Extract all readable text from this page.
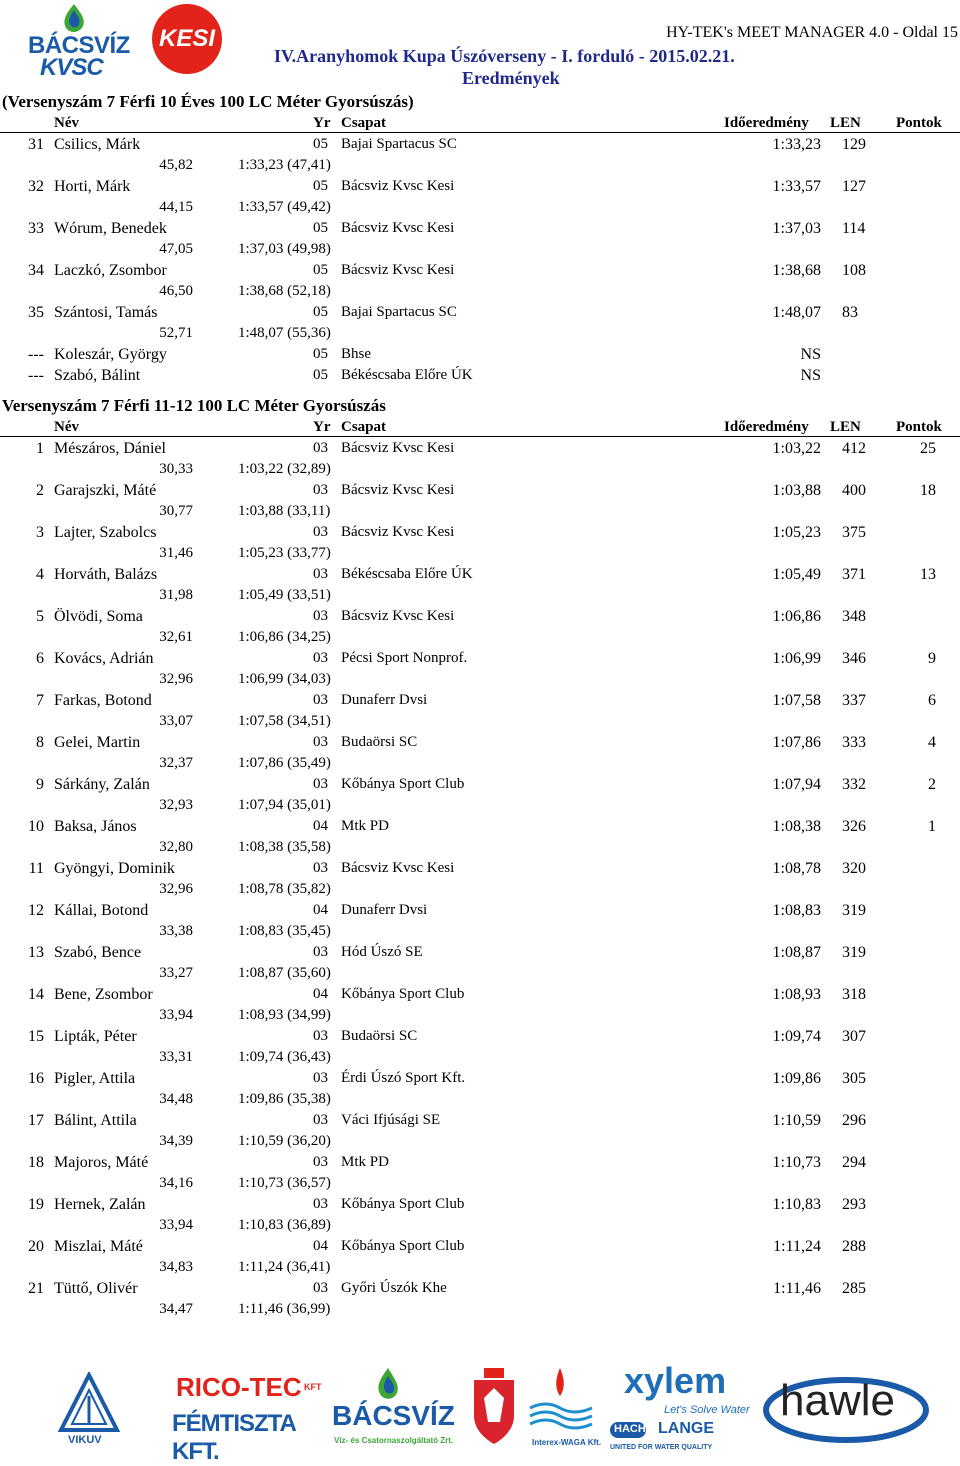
BÁCSVÍZ
KVSC
KESI	HY-TEK's MEET MANAGER 4.0 - Oldal 15
IV.Aranyhomok Kupa Úszóverseny - I. forduló - 2015.02.21.
Eredmények
(Versenyszám 7 Férfi 10 Éves 100 LC Méter Gyorsúszás)
Név	Yr Csapat	Időeredmény LEN Pontok
31 Csilics, Márk	05 Bajai Spartacus SC	1:33,23 129
45,82	1:33,23 (47,41)
32 Horti, Márk	05 Bácsviz Kvsc Kesi	1:33,57 127
44,15	1:33,57 (49,42)
33 Wórum, Benedek	05 Bácsviz Kvsc Kesi	1:37,03 114
47,05	1:37,03 (49,98)
34 Laczkó, Zsombor	05 Bácsviz Kvsc Kesi	1:38,68 108
46,50	1:38,68 (52,18)
35 Szántosi, Tamás	05 Bajai Spartacus SC	1:48,07 83
52,71	1:48,07 (55,36)
--- Koleszár, György	05 Bhse	NS
--- Szabó, Bálint	05 Békéscsaba Előre ÚK	NS
Versenyszám 7 Férfi 11-12 100 LC Méter Gyorsúszás
Név	Yr Csapat	Időeredmény LEN Pontok
1 Mészáros, Dániel	03 Bácsviz Kvsc Kesi	1:03,22 412	25
30,33	1:03,22 (32,89)
2 Garajszki, Máté	03 Bácsviz Kvsc Kesi	1:03,88 400	18
30,77	1:03,88 (33,11)
3 Lajter, Szabolcs	03 Bácsviz Kvsc Kesi	1:05,23 375
31,46	1:05,23 (33,77)
4 Horváth, Balázs	03 Békéscsaba Előre ÚK	1:05,49 371	13
31,98	1:05,49 (33,51)
5 Ölvödi, Soma	03 Bácsviz Kvsc Kesi	1:06,86 348
32,61	1:06,86 (34,25)
6 Kovács, Adrián	03 Pécsi Sport Nonprof.	1:06,99 346	9
32,96	1:06,99 (34,03)
7 Farkas, Botond	03 Dunaferr Dvsi	1:07,58 337	6
33,07	1:07,58 (34,51)
8 Gelei, Martin	03 Budaörsi SC	1:07,86 333	4
32,37	1:07,86 (35,49)
9 Sárkány, Zalán	03 Kőbánya Sport Club	1:07,94 332	2
32,93	1:07,94 (35,01)
10 Baksa, János	04 Mtk PD	1:08,38 326	1
32,80	1:08,38 (35,58)
11 Gyöngyi, Dominik	03 Bácsviz Kvsc Kesi	1:08,78 320
32,96	1:08,78 (35,82)
12 Kállai, Botond	04 Dunaferr Dvsi	1:08,83 319
33,38	1:08,83 (35,45)
13 Szabó, Bence	03 Hód Úszó SE	1:08,87 319
33,27	1:08,87 (35,60)
14 Bene, Zsombor	04 Kőbánya Sport Club	1:08,93 318
33,94	1:08,93 (34,99)
15 Lipták, Péter	03 Budaörsi SC	1:09,74 307
33,31	1:09,74 (36,43)
16 Pigler, Attila	03 Érdi Úszó Sport Kft.	1:09,86 305
34,48	1:09,86 (35,38)
17 Bálint, Attila	03 Váci Ifjúsági SE	1:10,59 296
34,39	1:10,59 (36,20)
18 Majoros, Máté	03 Mtk PD	1:10,73 294
34,16	1:10,73 (36,57)
19 Hernek, Zalán	03 Kőbánya Sport Club	1:10,83 293
33,94	1:10,83 (36,89)
20 Miszlai, Máté	04 Kőbánya Sport Club	1:11,24 288
34,83	1:11,24 (36,41)
21 Tüttő, Olivér	03 Győri Úszók Khe	1:11,46 285
34,47	1:11,46 (36,99)
VIKUV
RICO-TEC KFT
FÉMTISZTA KFT.
BÁCSVÍZ
Víz- és Csatornaszolgáltató Zrt.	Interex-WAGA Kft.
xylem
Let's Solve Water
HACH LANGE
UNITED FOR WATER QUALITY
hawle
